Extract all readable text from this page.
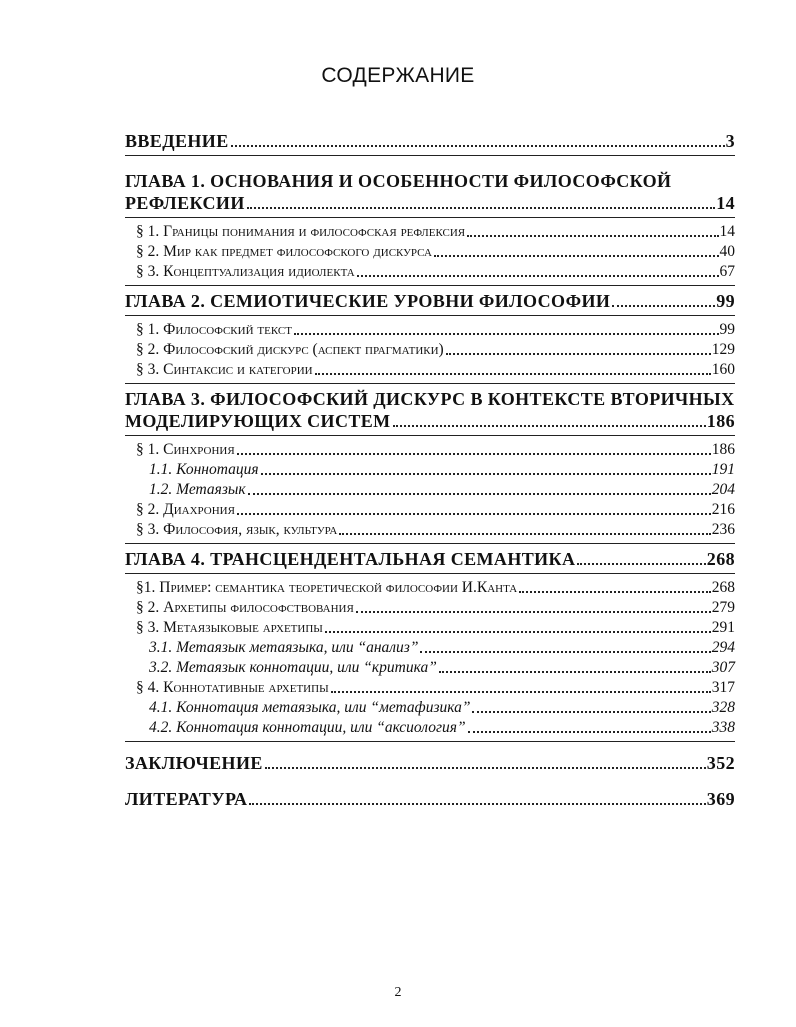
СОДЕРЖАНИЕ
ВВЕДЕНИЕ	3
ГЛАВА 1. ОСНОВАНИЯ И ОСОБЕННОСТИ ФИЛОСОФСКОЙ
РЕФЛЕКСИИ	14
§ 1. Границы понимания и философская рефлексия	14
§ 2. Мир как предмет философского дискурса	40
§ 3. Концептуализация идиолекта	67
ГЛАВА 2. СЕМИОТИЧЕСКИЕ УРОВНИ ФИЛОСОФИИ	99
§ 1. Философский текст	99
§ 2. Философский дискурс (аспект прагматики)	129
§ 3. Синтаксис и категории	160
ГЛАВА 3. ФИЛОСОФСКИЙ ДИСКУРС В КОНТЕКСТЕ ВТОРИЧНЫХ
МОДЕЛИРУЮЩИХ СИСТЕМ	186
§ 1. Синхрония	186
1.1. Коннотация	191
1.2. Метаязык	204
§ 2. Диахрония	216
§ 3. Философия, язык, культура	236
ГЛАВА 4. ТРАНСЦЕНДЕНТАЛЬНАЯ СЕМАНТИКА	268
§1. Пример: семантика теоретической философии И.Канта	268
§ 2. Архетипы философствования	279
§ 3. Метаязыковые архетипы	291
3.1. Метаязык метаязыка, или “анализ”	294
3.2. Метаязык коннотации, или “критика”	307
§ 4. Коннотативные архетипы	317
4.1. Коннотация метаязыка, или “метафизика”	328
4.2. Коннотация коннотации, или “аксиология”	338
ЗАКЛЮЧЕНИЕ	352
ЛИТЕРАТУРА	369
2
